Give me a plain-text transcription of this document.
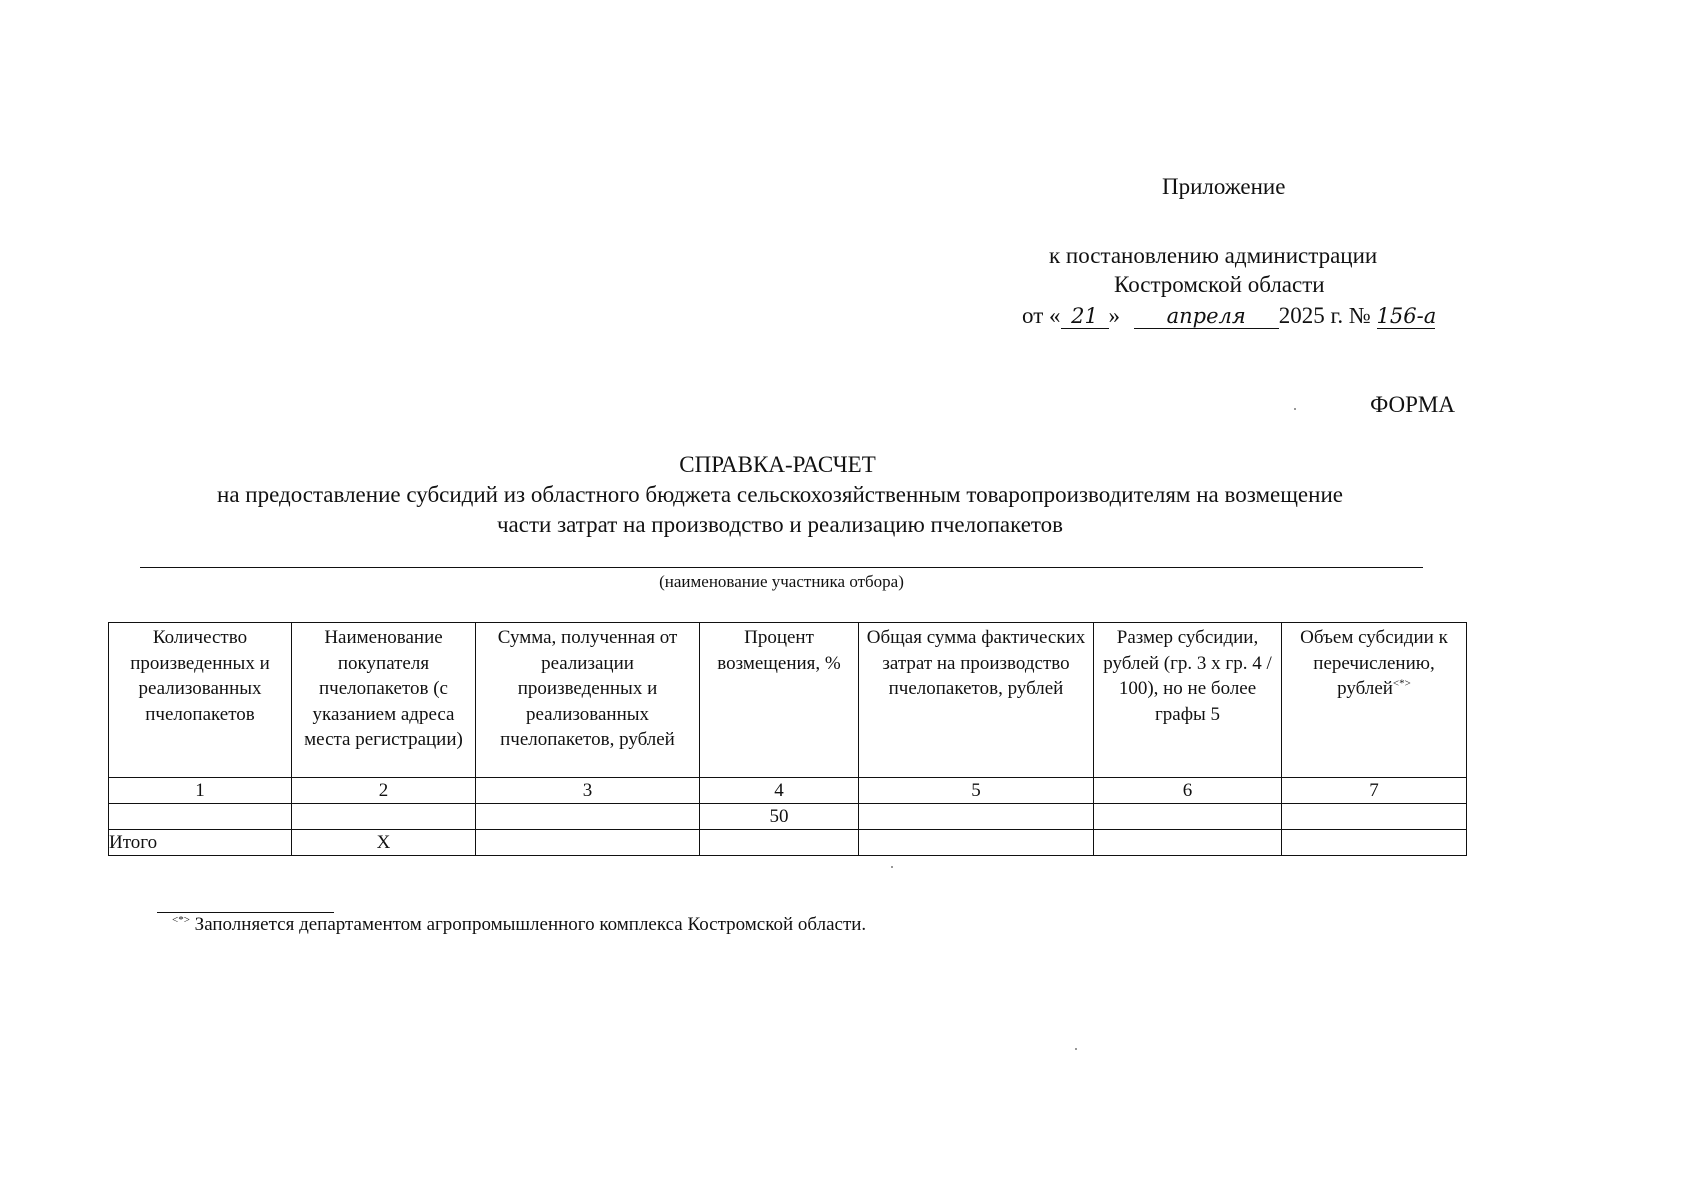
Приложение
к постановлению администрации
Костромской области
от « 21 » апреля 2025 г. № 156-а
ФОРМА
СПРАВКА-РАСЧЕТ
на предоставление субсидий из областного бюджета сельскохозяйственным товаропроизводителям на возмещение
части затрат на производство и реализацию пчелопакетов
(наименование участника отбора)
Количество произведенных и реализованных пчелопакетов	Наименование покупателя пчелопакетов (с указанием адреса места регистрации)	Сумма, полученная от реализации произведенных и реализованных пчелопакетов, рублей	Процент возмещения, %	Общая сумма фактических затрат на производство пчелопакетов, рублей	Размер субсидии, рублей (гр. 3 х гр. 4 / 100), но не более графы 5	Объем субсидии к перечислению, рублей<*>
1	2	3	4	5	6	7
			50			
Итого	X					
<*> Заполняется департаментом агропромышленного комплекса Костромской области.
